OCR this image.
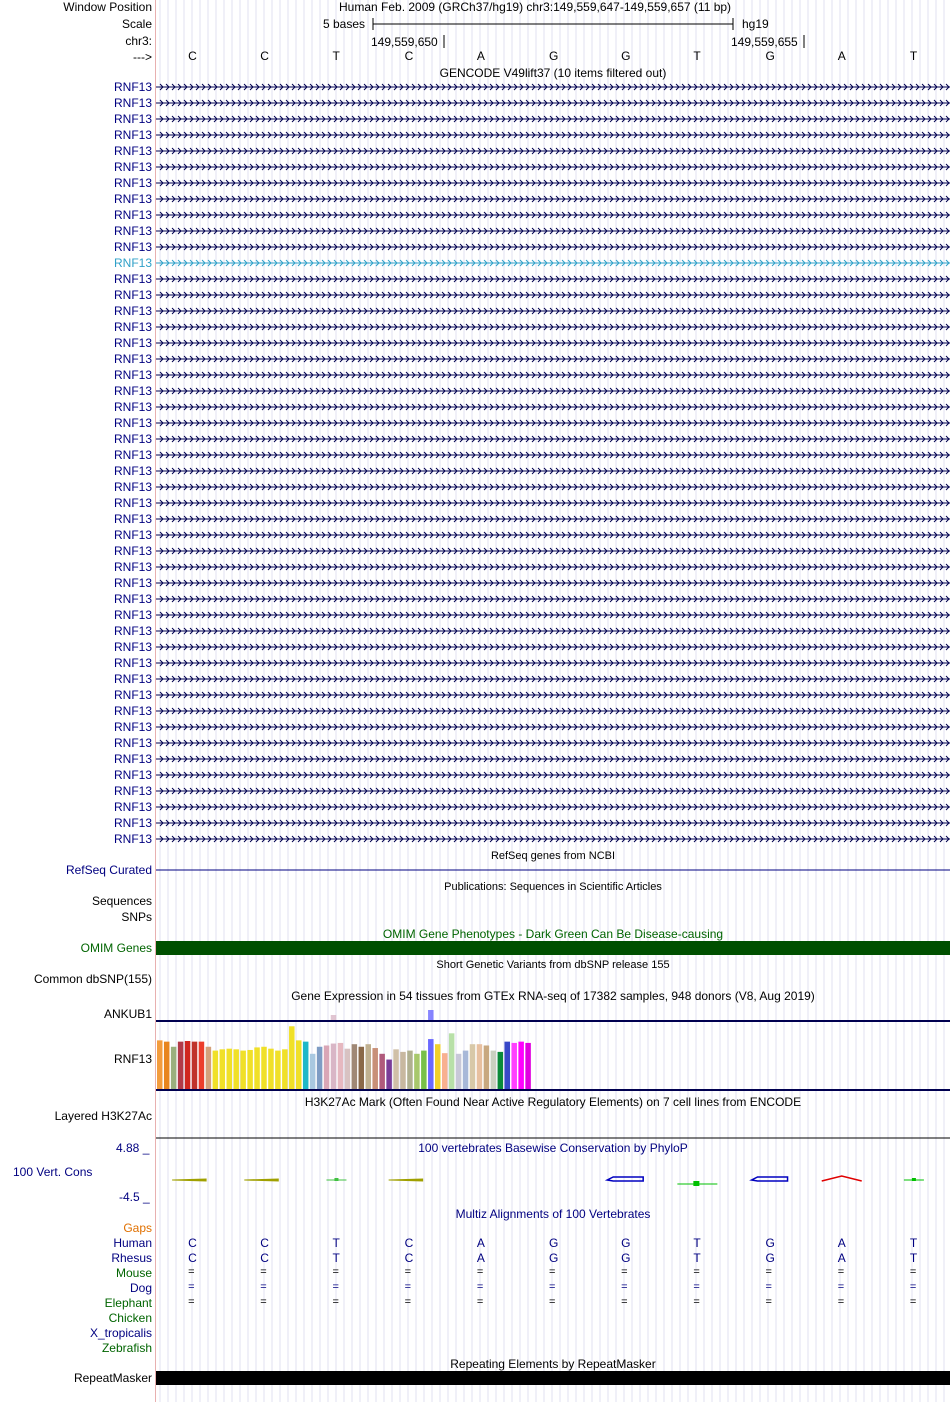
Window Position
Scale
chr3:
--->
Human Feb. 2009 (GRCh37/hg19) chr3:149,559,647-149,559,657 (11 bp)
5 bases	hg19
149,559,650	149,559,655
GENCODE V49lift37 (10 items filtered out)
RefSeq genes from NCBI
RefSeq Curated
Publications: Sequences in Scientific Articles
Sequences
SNPs
OMIM Gene Phenotypes - Dark Green Can Be Disease-causing
OMIM Genes
Short Genetic Variants from dbSNP release 155
Common dbSNP(155)
Gene Expression in 54 tissues from GTEx RNA-seq of 17382 samples, 948 donors (V8, Aug 2019)
ANKUB1
RNF13
H3K27Ac Mark (Often Found Near Active Regulatory Elements) on 7 cell lines from ENCODE
Layered H3K27Ac
100 vertebrates Basewise Conservation by PhyloP
4.88 _
100 Vert. Cons
-4.5 _
Multiz Alignments of 100 Vertebrates
Gaps
Repeating Elements by RepeatMasker
RepeatMasker
C	C	T	C	A	G	G	T	G	A	T
RNF13
RNF13
RNF13
RNF13
RNF13
RNF13
RNF13
RNF13
RNF13
RNF13
RNF13
RNF13
RNF13
RNF13
RNF13
RNF13
RNF13
RNF13
RNF13
RNF13
RNF13
RNF13
RNF13
RNF13
RNF13
RNF13
RNF13
RNF13
RNF13
RNF13
RNF13
RNF13
RNF13
RNF13
RNF13
RNF13
RNF13
RNF13
RNF13
RNF13
RNF13
RNF13
RNF13
RNF13
RNF13
RNF13
RNF13
RNF13
Human	C	C	T	C	A	G	G	T	G	A	T
Rhesus	C	C	T	C	A	G	G	T	G	A	T
Mouse	=	=	=	=	=	=	=	=	=	=	=
Dog	=	=	=	=	=	=	=	=	=	=	=
Elephant	=	=	=	=	=	=	=	=	=	=	=
Chicken
X_tropicalis
Zebrafish
